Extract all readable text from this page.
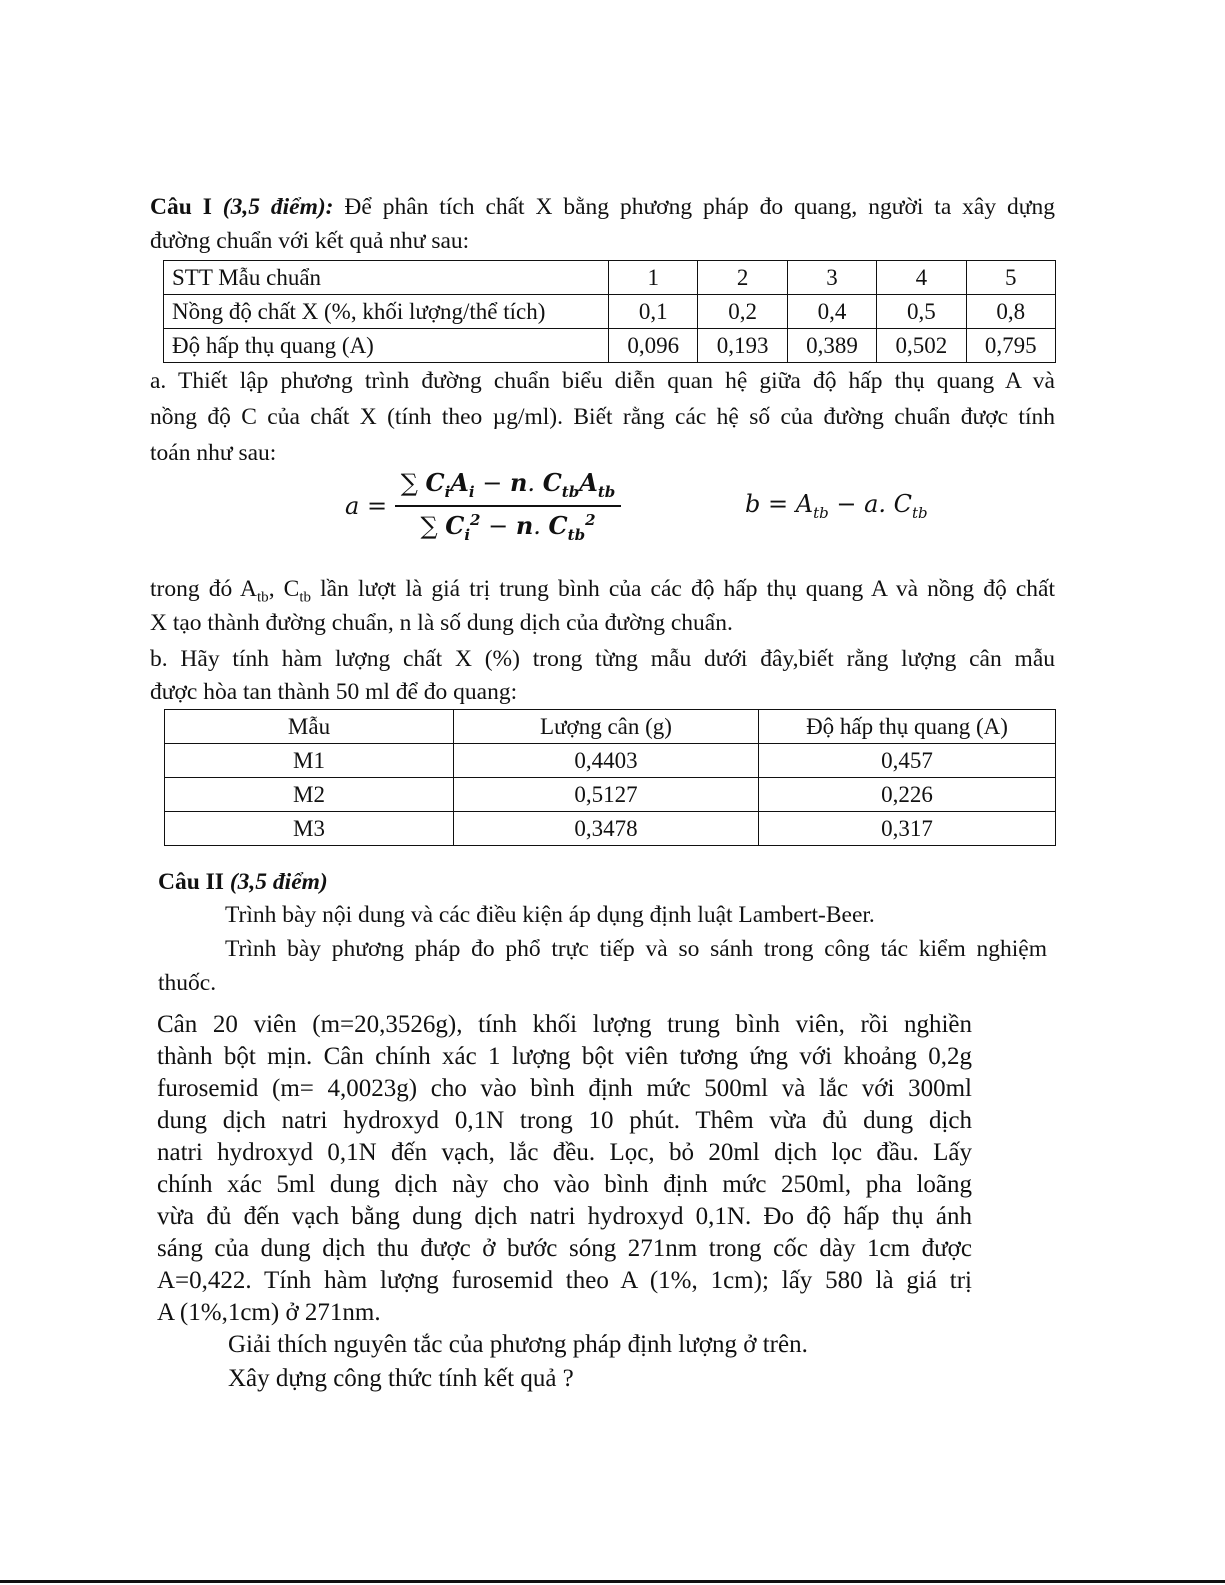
Câu I (3,5 điểm): Để phân tích chất X bằng phương pháp đo quang, người ta xây dựng

đường chuẩn với kết quả như sau:

STT Mẫu chuẩn	1	2	3	4	5
Nồng độ chất X (%, khối lượng/thể tích)	0,1	0,2	0,4	0,5	0,8
Độ hấp thụ quang (A)	0,096	0,193	0,389	0,502	0,795

a. Thiết lập phương trình đường chuẩn biểu diễn quan hệ giữa độ hấp thụ quang A và

nồng độ C của chất X (tính theo µg/ml). Biết rằng các hệ số của đường chuẩn được tính

toán như sau:

$a = \frac{\sum C_iA_i - n. C_{tb}A_{tb}}{\sum C_i^2 - n. C_{tb}^2}$	$b = A_{tb} - a$. $C_{tb}$

trong đó $A_{tb}$, $C_{tb}$ lần lượt là giá trị trung bình của các độ hấp thụ quang A và nồng độ chất

X tạo thành đường chuẩn, n là số dung dịch của đường chuẩn.

b. Hãy tính hàm lượng chất X (%) trong từng mẫu dưới đây,biết rằng lượng cân mẫu

được hòa tan thành 50 ml để đo quang:

Mẫu	Lượng cân (g)	Độ hấp thụ quang (A)
M1	0,4403	0,457
M2	0,5127	0,226
M3	0,3478	0,317

Câu II (3,5 điểm)

Trình bày nội dung và các điều kiện áp dụng định luật Lambert-Beer.

Trình bày phương pháp đo phổ trực tiếp và so sánh trong công tác kiểm nghiệm

thuốc.

Cân 20 viên (m=20,3526g), tính khối lượng trung bình viên, rồi nghiền

thành bột mịn. Cân chính xác 1 lượng bột viên tương ứng với khoảng 0,2g

furosemid (m= 4,0023g) cho vào bình định mức 500ml và lắc với 300ml

dung dịch natri hydroxyd 0,1N trong 10 phút. Thêm vừa đủ dung dịch

natri hydroxyd 0,1N đến vạch, lắc đều. Lọc, bỏ 20ml dịch lọc đầu. Lấy

chính xác 5ml dung dịch này cho vào bình định mức 250ml, pha loãng

vừa đủ đến vạch bằng dung dịch natri hydroxyd 0,1N. Đo độ hấp thụ ánh

sáng của dung dịch thu được ở bước sóng 271nm trong cốc dày 1cm được

A=0,422. Tính hàm lượng furosemid theo A (1%, 1cm); lấy 580 là giá trị

A (1%,1cm) ở 271nm.

Giải thích nguyên tắc của phương pháp định lượng ở trên.

Xây dựng công thức tính kết quả ?
